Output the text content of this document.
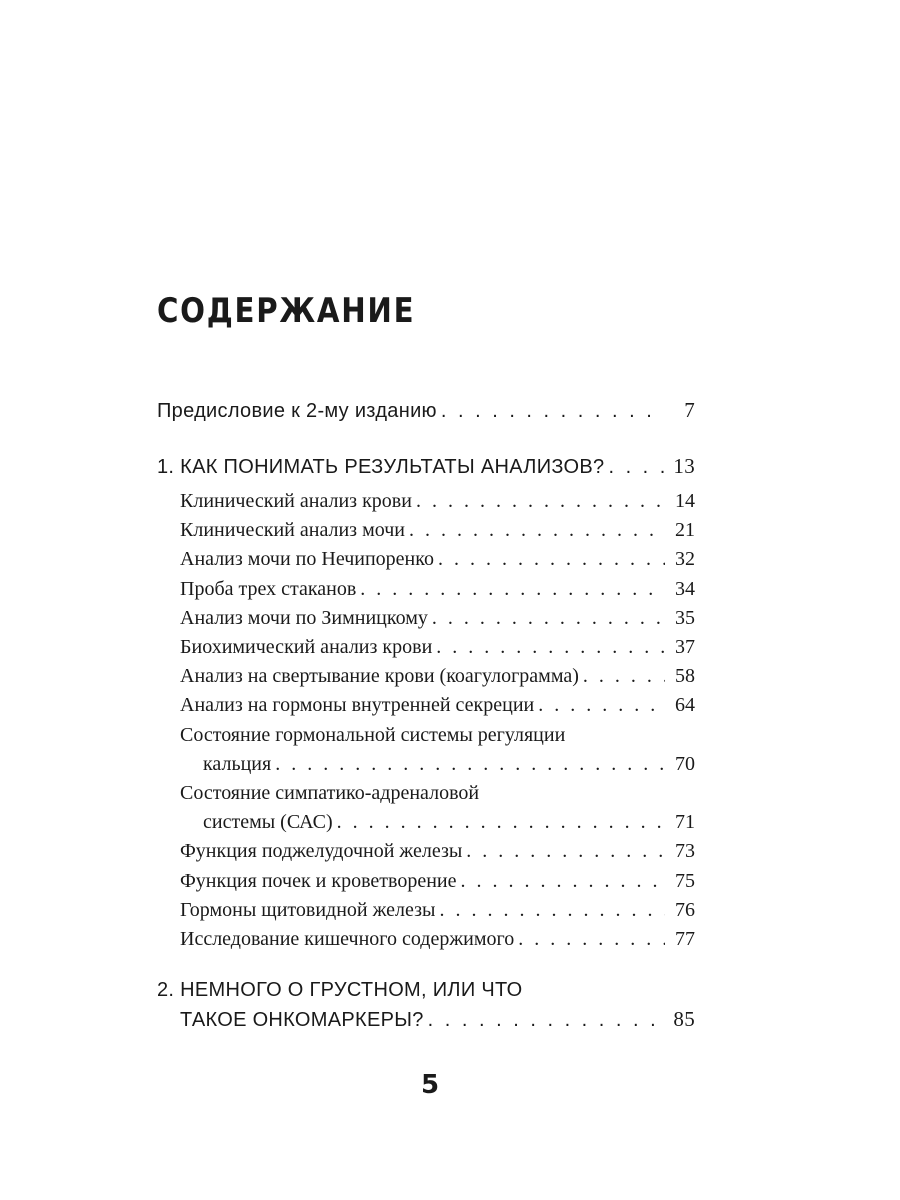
СОДЕРЖАНИЕ
Предисловие к 2-му изданию . . .	7
1. КАК ПОНИМАТЬ РЕЗУЛЬТАТЫ АНАЛИЗОВ? . . .	13
Клинический анализ крови . . .	14
Клинический анализ мочи . . .	21
Анализ мочи по Нечипоренко . . .	32
Проба трех стаканов . . .	34
Анализ мочи по Зимницкому . . .	35
Биохимический анализ крови . . .	37
Анализ на свертывание крови (коагулограмма) . . .	58
Анализ на гормоны внутренней секреции . . .	64
Состояние гормональной системы регуляции
кальция . . .	70
Состояние симпатико-адреналовой
системы (САС) . . .	71
Функция поджелудочной железы . . .	73
Функция почек и кроветворение . . .	75
Гормоны щитовидной железы . . .	76
Исследование кишечного содержимого . . .	77
2. НЕМНОГО О ГРУСТНОМ, ИЛИ ЧТО
ТАКОЕ ОНКОМАРКЕРЫ? . . .	85
5
